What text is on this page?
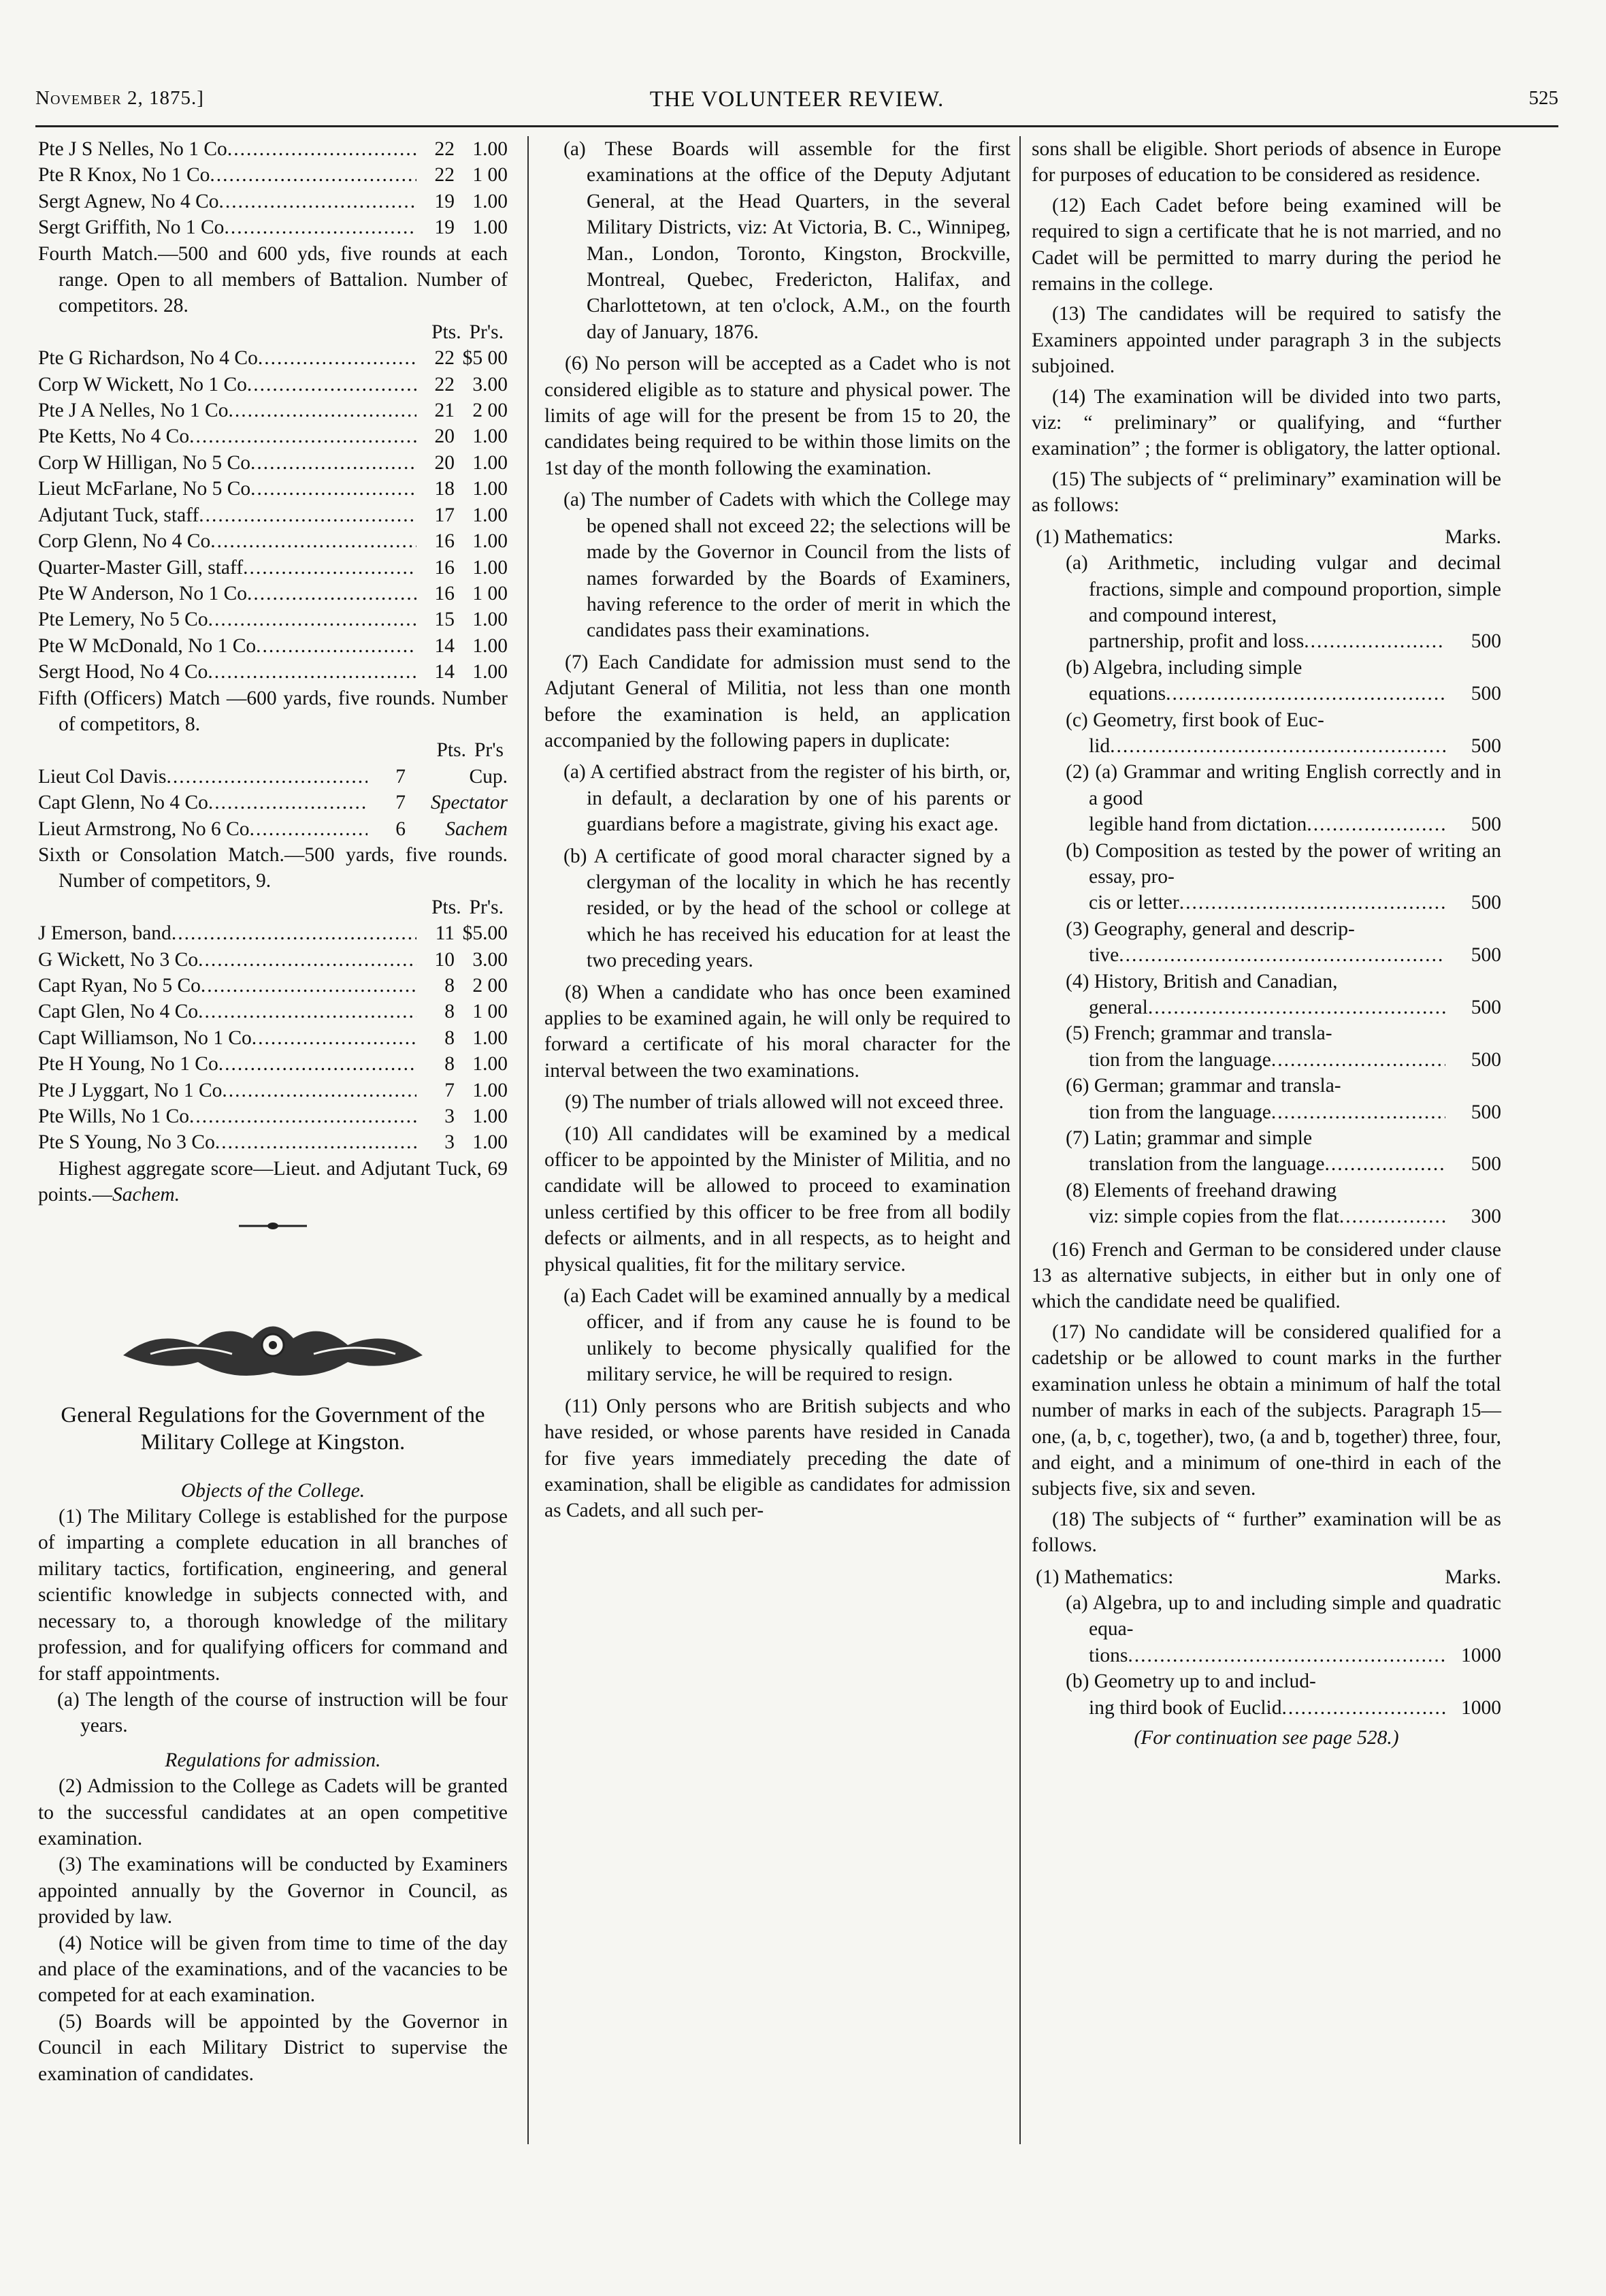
November 2, 1875.]	THE VOLUNTEER REVIEW.	525
Pte J S Nelles, No 1 Co .....	22 1.00
Pte R Knox, No 1 Co .....	22 1 00
Sergt Agnew, No 4 Co .....	19 1.00
Sergt Griffith, No 1 Co .....	19 1.00

Fourth Match.—500 and 600 yds, five rounds at each range. Open to all members of Battalion. Number of competitors. 28.

Pts. Pr's.
Pte G Richardson, No 4 Co .....	22 $5 00
Corp W Wickett, No 1 Co .....	22 3.00
Pte J A Nelles, No 1 Co .....	21 2 00
Pte Ketts, No 4 Co .....	20 1.00
Corp W Hilligan, No 5 Co .....	20 1.00
Lieut McFarlane, No 5 Co .....	18 1.00
Adjutant Tuck, staff .....	17 1.00
Corp Glenn, No 4 Co .....	16 1.00
Quarter-Master Gill, staff .....	16 1.00
Pte W Anderson, No 1 Co .....	16 1 00
Pte Lemery, No 5 Co .....	15 1.00
Pte W McDonald, No 1 Co .....	14 1.00
Sergt Hood, No 4 Co .....	14 1.00

Fifth (Officers) Match —600 yards, five rounds. Number of competitors, 8.

Pts. Pr's
Lieut Col Davis .....	7	Cup.
Capt Glenn, No 4 Co .....	7	Spectator
Lieut Armstrong, No 6 Co .....	6	Sachem

Sixth or Consolation Match.—500 yards, five rounds. Number of competitors, 9.

Pts. Pr's.
J Emerson, band .....	11 $5.00
G Wickett, No 3 Co .....	10 3.00
Capt Ryan, No 5 Co .....	8 2 00
Capt Glen, No 4 Co .....	8 1 00
Capt Williamson, No 1 Co .....	8 1.00
Pte H Young, No 1 Co .....	8 1.00
Pte J Lyggart, No 1 Co .....	7 1.00
Pte Wills, No 1 Co .....	3 1.00
Pte S Young, No 3 Co .....	3 1.00

Highest aggregate score—Lieut. and Adjutant Tuck, 69 points.—Sachem.

General Regulations for the Government of the Military College at Kingston.

Objects of the College.

(1) The Military College is established for the purpose of imparting a complete education in all branches of military tactics, fortification, engineering, and general scientific knowledge in subjects connected with, and necessary to, a thorough knowledge of the military profession, and for qualifying officers for command and for staff appointments.

(a) The length of the course of instruction will be four years.

Regulations for admission.

(2) Admission to the College as Cadets will be granted to the successful candidates at an open competitive examination.

(3) The examinations will be conducted by Examiners appointed annually by the Governor in Council, as provided by law.

(4) Notice will be given from time to time of the day and place of the examinations, and of the vacancies to be competed for at each examination.

(5) Boards will be appointed by the Governor in Council in each Military District to supervise the examination of candidates.

(a) These Boards will assemble for the first examinations at the office of the Deputy Adjutant General, at the Head Quarters, in the several Military Districts, viz: At Victoria, B. C., Winnipeg, Man., London, Toronto, Kingston, Brockville, Montreal, Quebec, Fredericton, Halifax, and Charlottetown, at ten o'clock, A.M., on the fourth day of January, 1876.

(6) No person will be accepted as a Cadet who is not considered eligible as to stature and physical power. The limits of age will for the present be from 15 to 20, the candidates being required to be within those limits on the 1st day of the month following the examination.

(a) The number of Cadets with which the College may be opened shall not exceed 22; the selections will be made by the Governor in Council from the lists of names forwarded by the Boards of Examiners, having reference to the order of merit in which the candidates pass their examinations.

(7) Each Candidate for admission must send to the Adjutant General of Militia, not less than one month before the examination is held, an application accompanied by the following papers in duplicate:

(a) A certified abstract from the register of his birth, or, in default, a declaration by one of his parents or guardians before a magistrate, giving his exact age.

(b) A certificate of good moral character signed by a clergyman of the locality in which he has recently resided, or by the head of the school or college at which he has received his education for at least the two preceding years.

(8) When a candidate who has once been examined applies to be examined again, he will only be required to forward a certificate of his moral character for the interval between the two examinations.

(9) The number of trials allowed will not exceed three.

(10) All candidates will be examined by a medical officer to be appointed by the Minister of Militia, and no candidate will be allowed to proceed to examination unless certified by this officer to be free from all bodily defects or ailments, and in all respects, as to height and physical qualities, fit for the military service.

(a) Each Cadet will be examined annually by a medical officer, and if from any cause he is found to be unlikely to become physically qualified for the military service, he will be required to resign.

(11) Only persons who are British subjects and who have resided, or whose parents have resided in Canada for five years immediately preceding the date of examination, shall be eligible as candidates for admission as Cadets, and all such per-

sons shall be eligible. Short periods of absence in Europe for purposes of education to be considered as residence.

(12) Each Cadet before being examined will be required to sign a certificate that he is not married, and no Cadet will be permitted to marry during the period he remains in the college.

(13) The candidates will be required to satisfy the Examiners appointed under paragraph 3 in the subjects subjoined.

(14) The examination will be divided into two parts, viz: “ preliminary” or qualifying, and “further examination” ; the former is obligatory, the latter optional.

(15) The subjects of “ preliminary” examination will be as follows:

(1) Mathematics:	Marks.

(a) Arithmetic, including vulgar and decimal fractions, simple and compound proportion, simple and compound interest,

partnership, profit and loss .....	500

(b) Algebra, including simple

equations .....	500

(c) Geometry, first book of Euc-

lid .....	500

(2) (a) Grammar and writing English correctly and in a good

legible hand from dictation .....	500

(b) Composition as tested by the power of writing an essay, pro-

cis or letter .....	500

(3) Geography, general and descrip-

tive .....	500

(4) History, British and Canadian,

general .....	500

(5) French; grammar and transla-

tion from the language .....	500

(6) German; grammar and transla-

tion from the language .....	500

(7) Latin; grammar and simple

translation from the language .....	500

(8) Elements of freehand drawing

viz: simple copies from the flat .....	300

(16) French and German to be considered under clause 13 as alternative subjects, in either but in only one of which the candidate need be qualified.

(17) No candidate will be considered qualified for a cadetship or be allowed to count marks in the further examination unless he obtain a minimum of half the total number of marks in each of the subjects. Paragraph 15—one, (a, b, c, together), two, (a and b, together) three, four, and eight, and a minimum of one-third in each of the subjects five, six and seven.

(18) The subjects of “ further” examination will be as follows.

(1) Mathematics:	Marks.

(a) Algebra, up to and including simple and quadratic equa-

tions .....	1000

(b) Geometry up to and includ-

ing third book of Euclid .....	1000

(For continuation see page 528.)
